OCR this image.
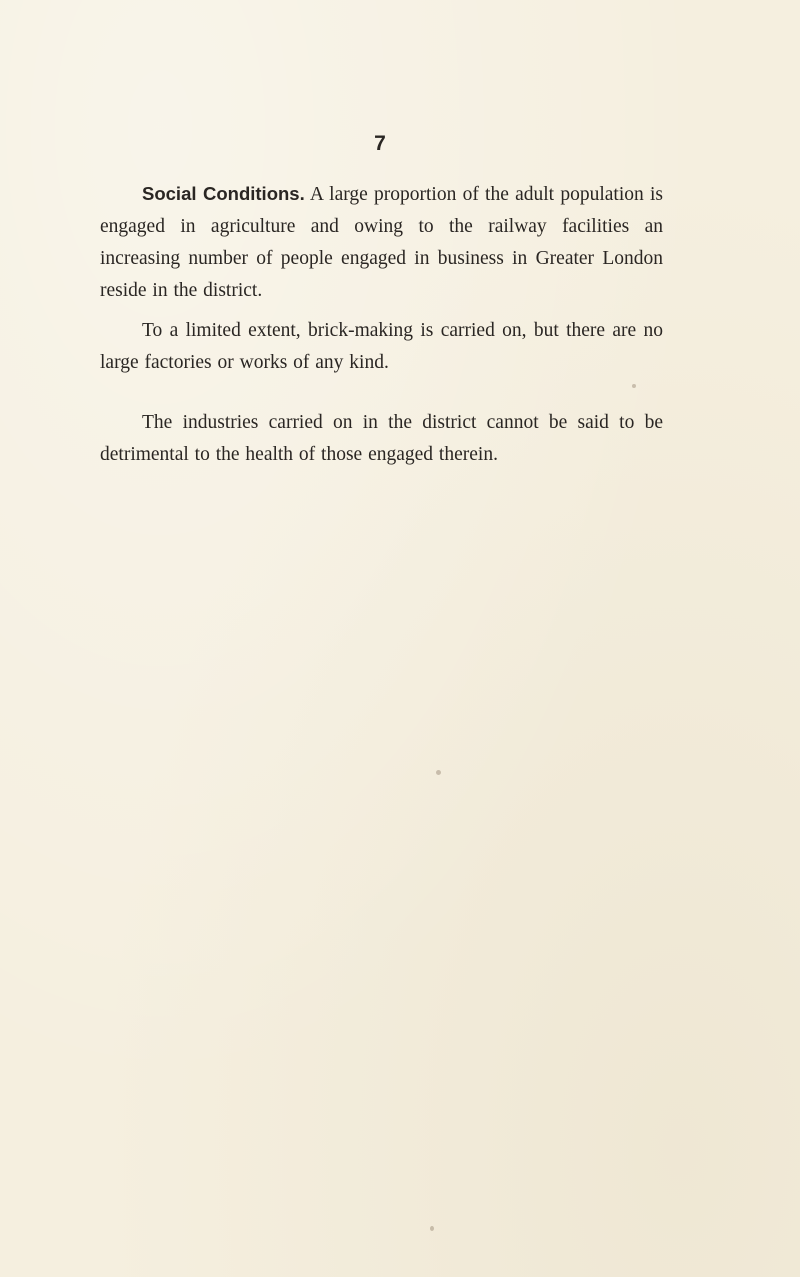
7

Social Conditions. A large proportion of the adult population is engaged in agriculture and owing to the railway facilities an increasing number of people engaged in business in Greater London reside in the district.

To a limited extent, brick-making is carried on, but there are no large factories or works of any kind.

The industries carried on in the district cannot be said to be detrimental to the health of those engaged therein.
